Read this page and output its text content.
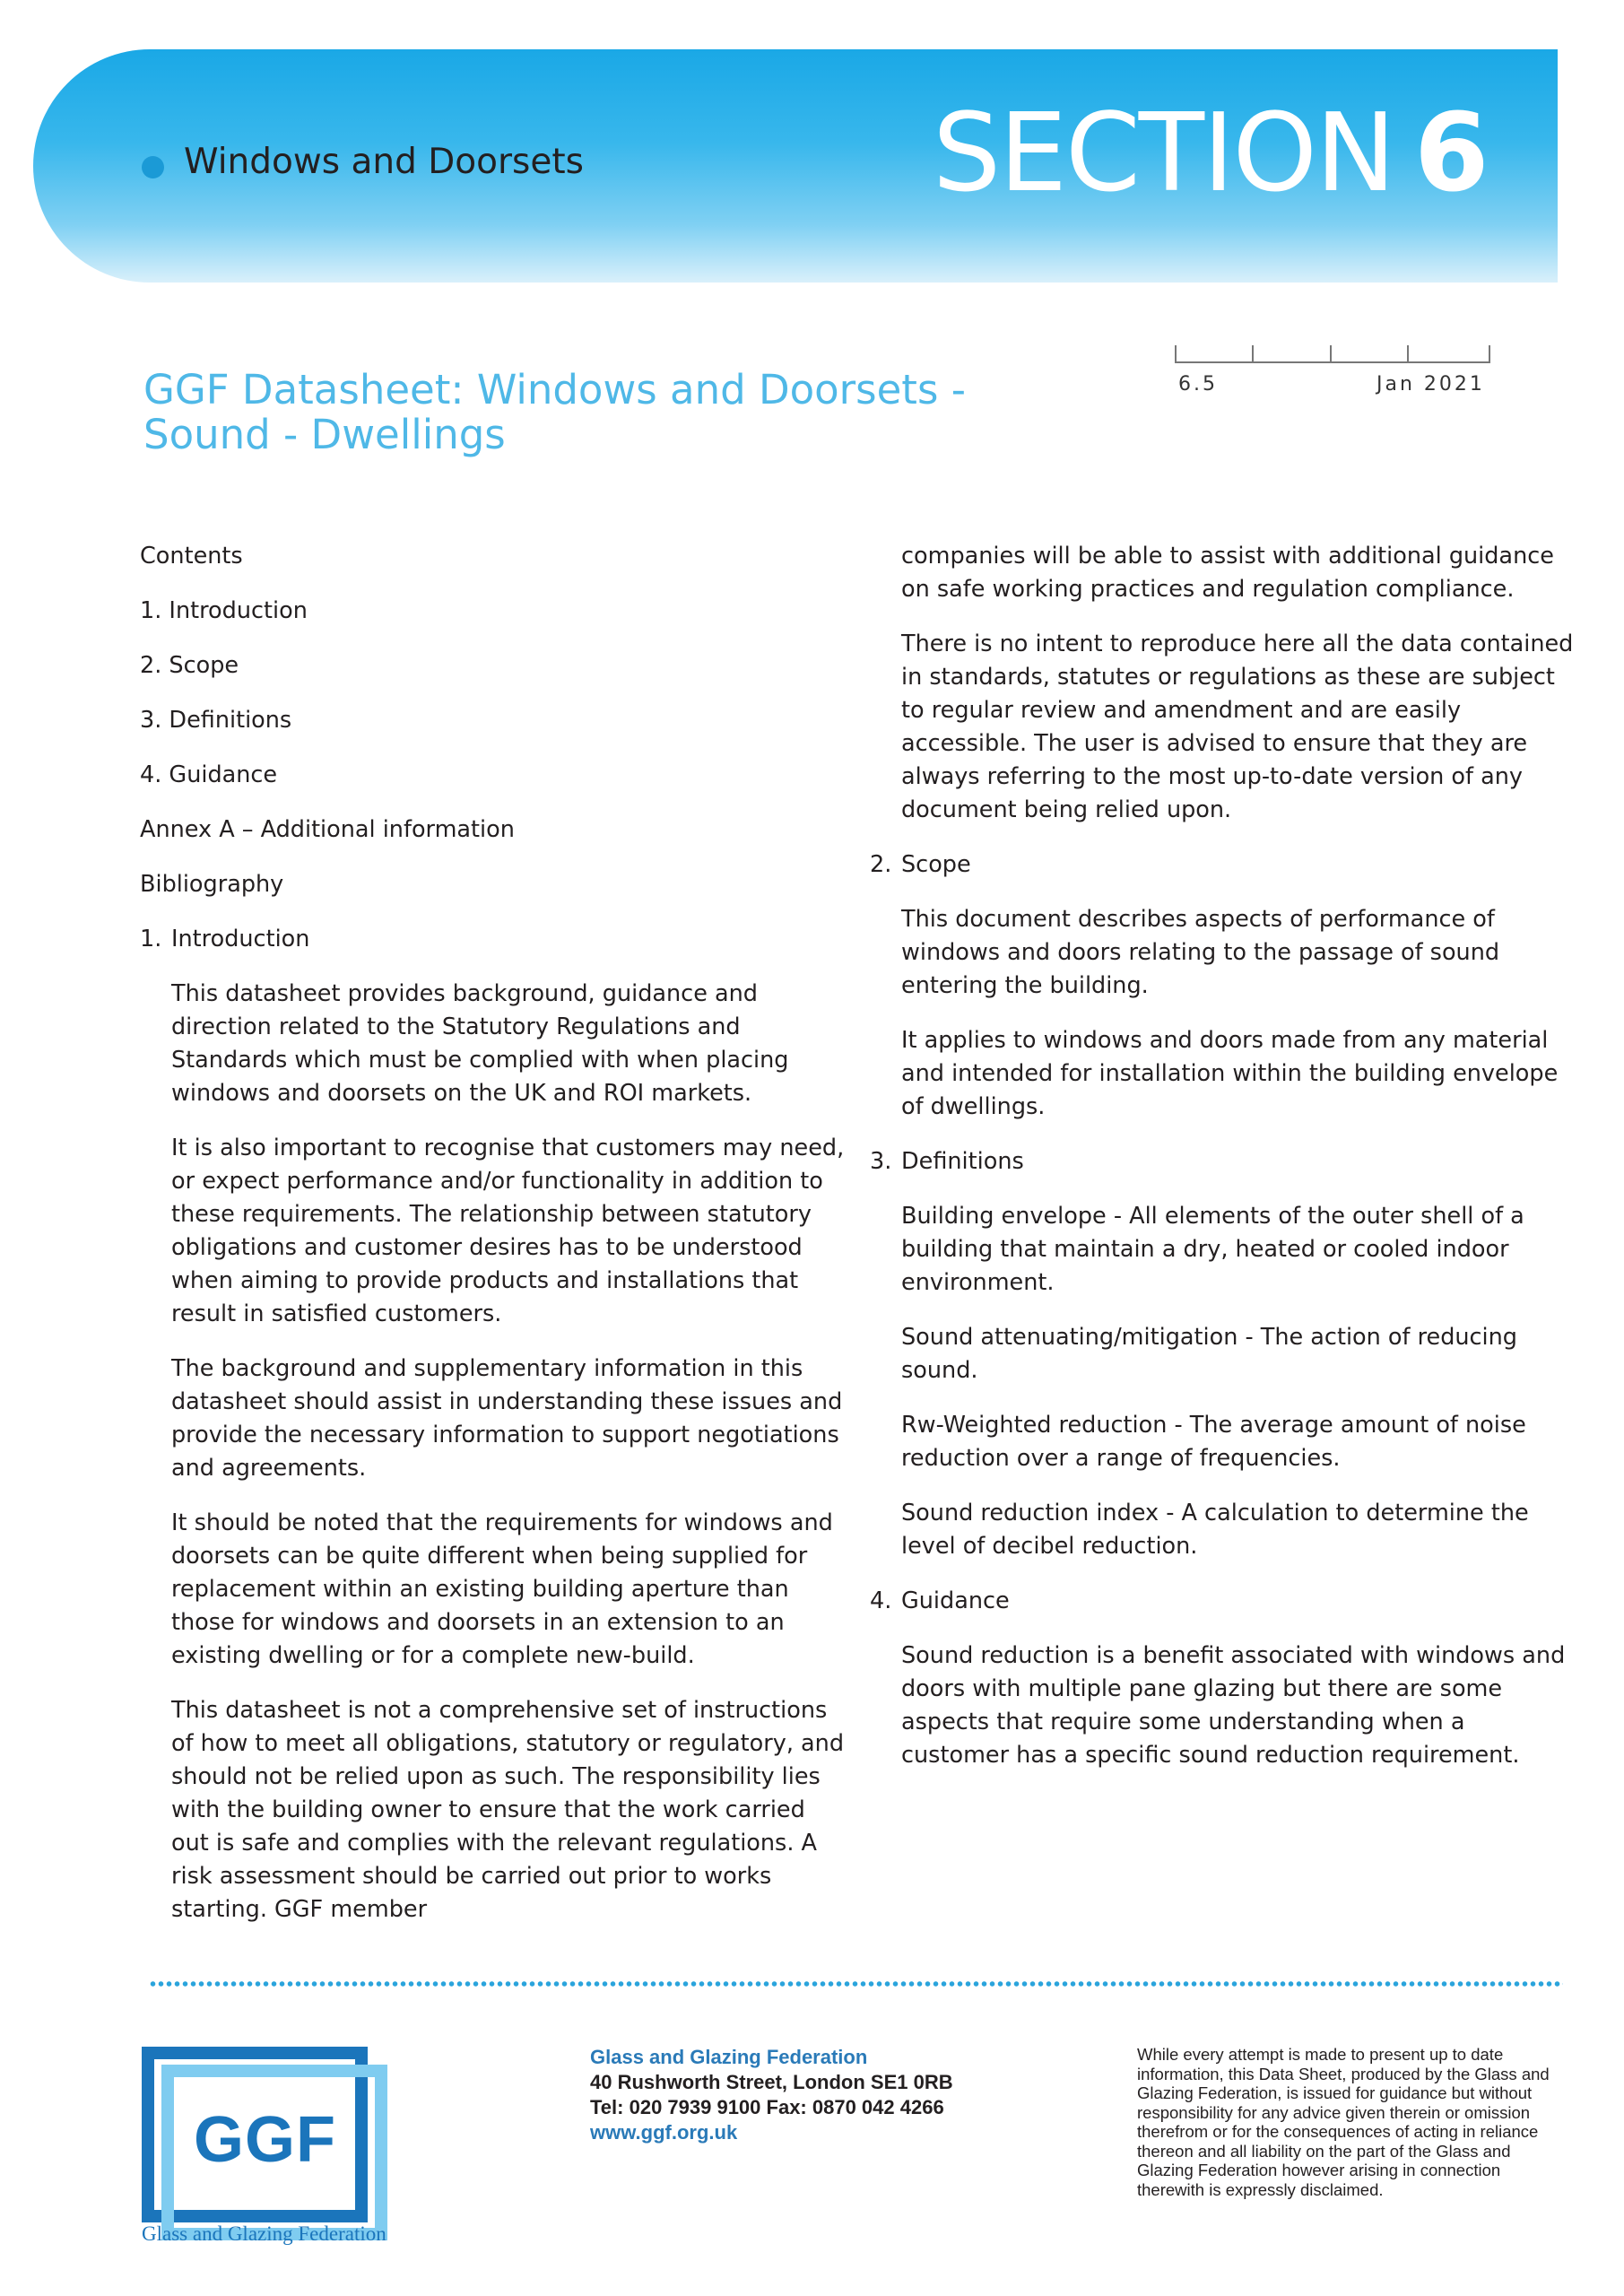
Windows and Doorsets	SECTION 6
GGF Datasheet: Windows and Doorsets -
Sound - Dwellings
6.5	Jan 2021
Contents
1. Introduction
2. Scope
3. Definitions
4. Guidance
Annex A – Additional information
Bibliography
1. Introduction
This datasheet provides background, guidance and direction related to the Statutory Regulations and Standards which must be complied with when placing windows and doorsets on the UK and ROI markets.
It is also important to recognise that customers may need, or expect performance and/or functionality in addition to these requirements. The relationship between statutory obligations and customer desires has to be understood when aiming to provide products and installations that result in satisfied customers.
The background and supplementary information in this datasheet should assist in understanding these issues and provide the necessary information to support negotiations and agreements.
It should be noted that the requirements for windows and doorsets can be quite different when being supplied for replacement within an existing building aperture than those for windows and doorsets in an extension to an existing dwelling or for a complete new-build.
This datasheet is not a comprehensive set of instructions of how to meet all obligations, statutory or regulatory, and should not be relied upon as such. The responsibility lies with the building owner to ensure that the work carried out is safe and complies with the relevant regulations. A risk assessment should be carried out prior to works starting. GGF member
companies will be able to assist with additional guidance on safe working practices and regulation compliance.
There is no intent to reproduce here all the data contained in standards, statutes or regulations as these are subject to regular review and amendment and are easily accessible. The user is advised to ensure that they are always referring to the most up-to-date version of any document being relied upon.
2. Scope
This document describes aspects of performance of windows and doors relating to the passage of sound entering the building.
It applies to windows and doors made from any material and intended for installation within the building envelope of dwellings.
3. Definitions
Building envelope - All elements of the outer shell of a building that maintain a dry, heated or cooled indoor environment.
Sound attenuating/mitigation - The action of reducing sound.
Rw-Weighted reduction - The average amount of noise reduction over a range of frequencies.
Sound reduction index - A calculation to determine the level of decibel reduction.
4. Guidance
Sound reduction is a benefit associated with windows and doors with multiple pane glazing but there are some aspects that require some understanding when a customer has a specific sound reduction requirement.
GGF
Glass and Glazing Federation
Glass and Glazing Federation
40 Rushworth Street, London SE1 0RB
Tel: 020 7939 9100 Fax: 0870 042 4266
www.ggf.org.uk
While every attempt is made to present up to date information, this Data Sheet, produced by the Glass and Glazing Federation, is issued for guidance but without responsibility for any advice given therein or omission therefrom or for the consequences of acting in reliance thereon and all liability on the part of the Glass and Glazing Federation however arising in connection therewith is expressly disclaimed.
